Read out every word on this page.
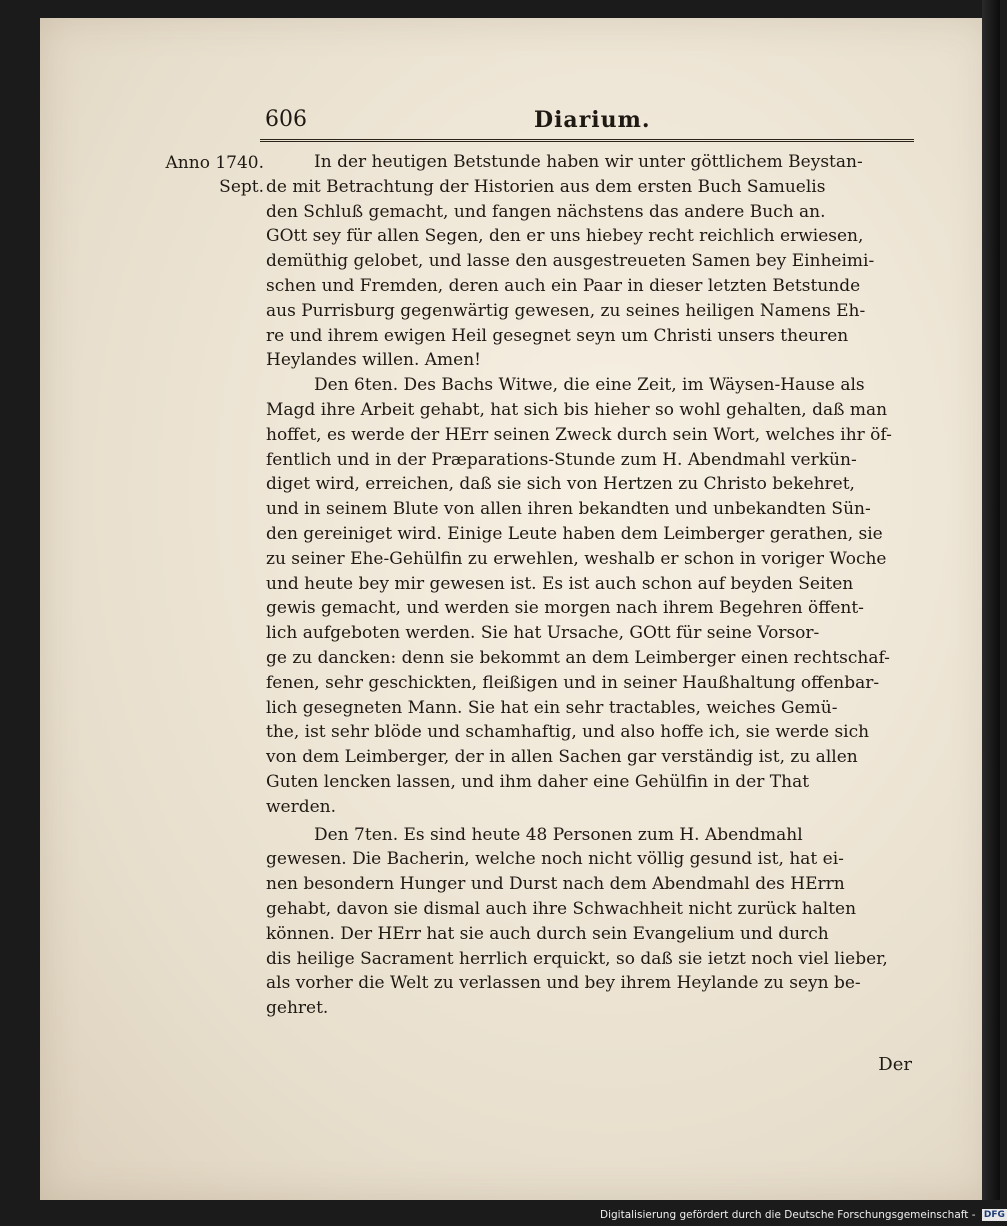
606	Diarium.
Anno 1740.
Sept.
In der heutigen Betstunde haben wir unter göttlichem Beystan-
de mit Betrachtung der Historien aus dem ersten Buch Samuelis
den Schluß gemacht, und fangen nächstens das andere Buch an.
GOtt sey für allen Segen, den er uns hiebey recht reichlich erwiesen,
demüthig gelobet, und lasse den ausgestreueten Samen bey Einheimi-
schen und Fremden, deren auch ein Paar in dieser letzten Betstunde
aus Purrisburg gegenwärtig gewesen, zu seines heiligen Namens Eh-
re und ihrem ewigen Heil gesegnet seyn um Christi unsers theuren
Heylandes willen. Amen!
Den 6ten. Des Bachs Witwe, die eine Zeit, im Wäysen-Hause als
Magd ihre Arbeit gehabt, hat sich bis hieher so wohl gehalten, daß man
hoffet, es werde der HErr seinen Zweck durch sein Wort, welches ihr öf-
fentlich und in der Præparations-Stunde zum H. Abendmahl verkün-
diget wird, erreichen, daß sie sich von Hertzen zu Christo bekehret,
und in seinem Blute von allen ihren bekandten und unbekandten Sün-
den gereiniget wird. Einige Leute haben dem Leimberger gerathen, sie
zu seiner Ehe-Gehülfin zu erwehlen, weshalb er schon in voriger Woche
und heute bey mir gewesen ist. Es ist auch schon auf beyden Seiten
gewis gemacht, und werden sie morgen nach ihrem Begehren öffent-
lich aufgeboten werden. Sie hat Ursache, GOtt für seine Vorsor-
ge zu dancken: denn sie bekommt an dem Leimberger einen rechtschaf-
fenen, sehr geschickten, fleißigen und in seiner Haußhaltung offenbar-
lich gesegneten Mann. Sie hat ein sehr tractables, weiches Gemü-
the, ist sehr blöde und schamhaftig, und also hoffe ich, sie werde sich
von dem Leimberger, der in allen Sachen gar verständig ist, zu allen
Guten lencken lassen, und ihm daher eine Gehülfin in der That
werden.
Den 7ten. Es sind heute 48 Personen zum H. Abendmahl
gewesen. Die Bacherin, welche noch nicht völlig gesund ist, hat ei-
nen besondern Hunger und Durst nach dem Abendmahl des HErrn
gehabt, davon sie dismal auch ihre Schwachheit nicht zurück halten
können. Der HErr hat sie auch durch sein Evangelium und durch
dis heilige Sacrament herrlich erquickt, so daß sie ietzt noch viel lieber,
als vorher die Welt zu verlassen und bey ihrem Heylande zu seyn be-
gehret.
Der
Digitalisierung gefördert durch die Deutsche Forschungsgemeinschaft - DFG
